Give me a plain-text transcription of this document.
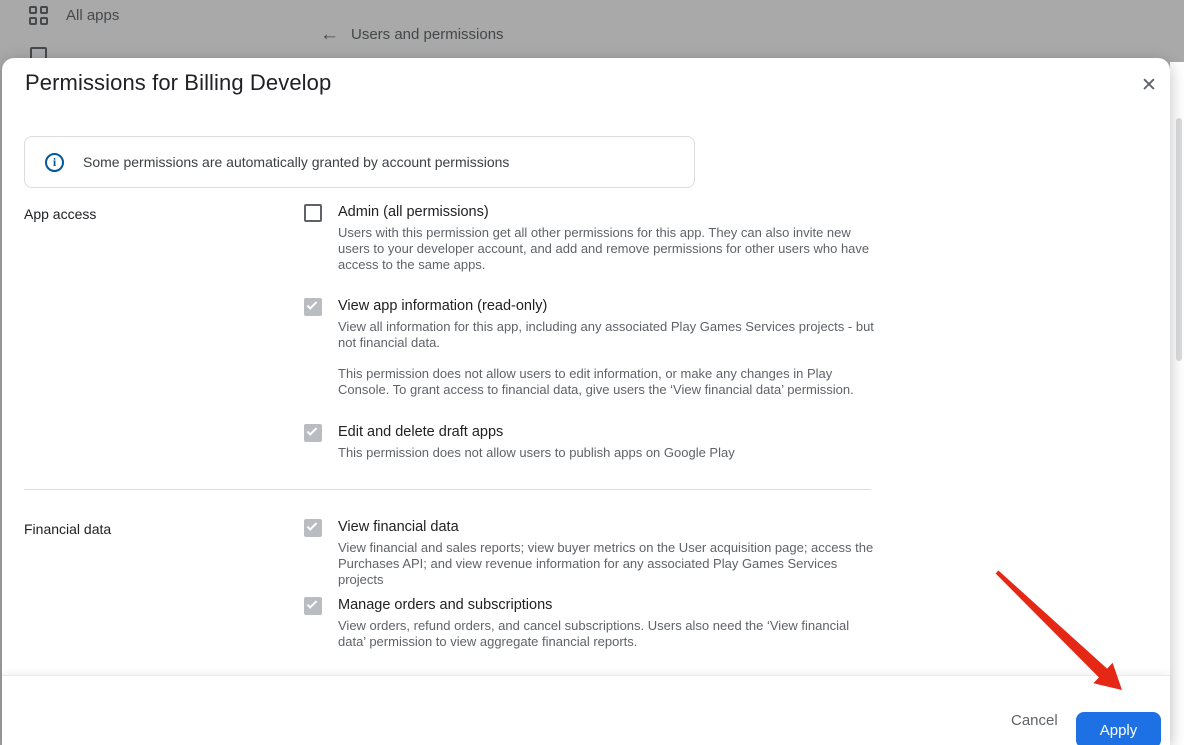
All apps
← Users and permissions
Permissions for Billing Develop	✕
i	Some permissions are automatically granted by account permissions
App access	Admin (all permissions)

Users with this permission get all other permissions for this app. They can also invite new users to your developer account, and add and remove permissions for other users who have access to the same apps.

View app information (read-only)

View all information for this app, including any associated Play Games Services projects - but not financial data.

This permission does not allow users to edit information, or make any changes in Play Console. To grant access to financial data, give users the ‘View financial data’ permission.

Edit and delete draft apps

This permission does not allow users to publish apps on Google Play

Financial data	View financial data

View financial and sales reports; view buyer metrics on the User acquisition page; access the Purchases API; and view revenue information for any associated Play Games Services projects

Manage orders and subscriptions

View orders, refund orders, and cancel subscriptions. Users also need the ‘View financial data’ permission to view aggregate financial reports.

Cancel
Apply
